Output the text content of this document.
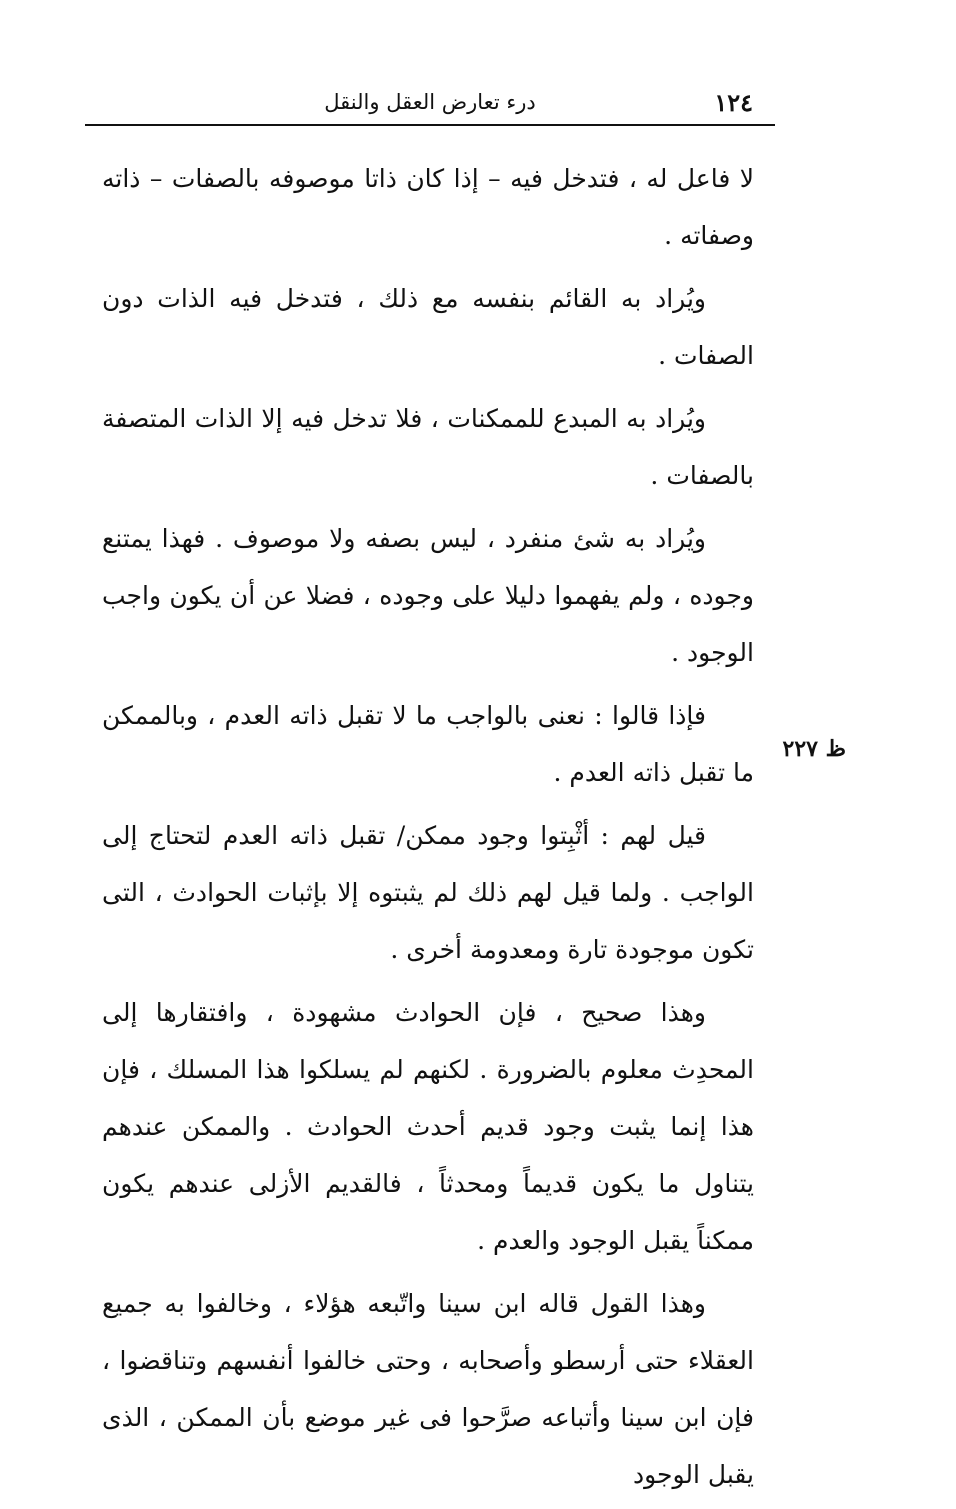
١٢٤
درء تعارض العقل والنقل
ظ ٢٢٧

لا فاعل له ، فتدخل فيه – إذا كان ذاتا موصوفه بالصفات – ذاته وصفاته .

ويُراد به القائم بنفسه مع ذلك ، فتدخل فيه الذات دون الصفات .

ويُراد به المبدع للممكنات ، فلا تدخل فيه إلا الذات المتصفة بالصفات .

ويُراد به شئ منفرد ، ليس بصفه ولا موصوف . فهذا يمتنع وجوده ، ولم يفهموا دليلا على وجوده ، فضلا عن أن يكون واجب الوجود .

فإذا قالوا : نعنى بالواجب ما لا تقبل ذاته العدم ، وبالممكن ما تقبل ذاته العدم .

قيل لهم : أثْبِتوا وجود ممكن/ تقبل ذاته العدم لتحتاج إلى الواجب . ولما قيل لهم ذلك لم يثبتوه إلا بإثبات الحوادث ، التى تكون موجودة تارة ومعدومة أخرى .

وهذا صحيح ، فإن الحوادث مشهودة ، وافتقارها إلى المحدِث معلوم بالضرورة . لكنهم لم يسلكوا هذا المسلك ، فإن هذا إنما يثبت وجود قديم أحدث الحوادث . والممكن عندهم يتناول ما يكون قديماً ومحدثاً ، فالقديم الأزلى عندهم يكون ممكناً يقبل الوجود والعدم .

وهذا القول قاله ابن سينا واتّبعه هؤلاء ، وخالفوا به جميع العقلاء حتى أرسطو وأصحابه ، وحتى خالفوا أنفسهم وتناقضوا ، فإن ابن سينا وأتباعه صرَّحوا فى غير موضع بأن الممكن ، الذى يقبل الوجود
